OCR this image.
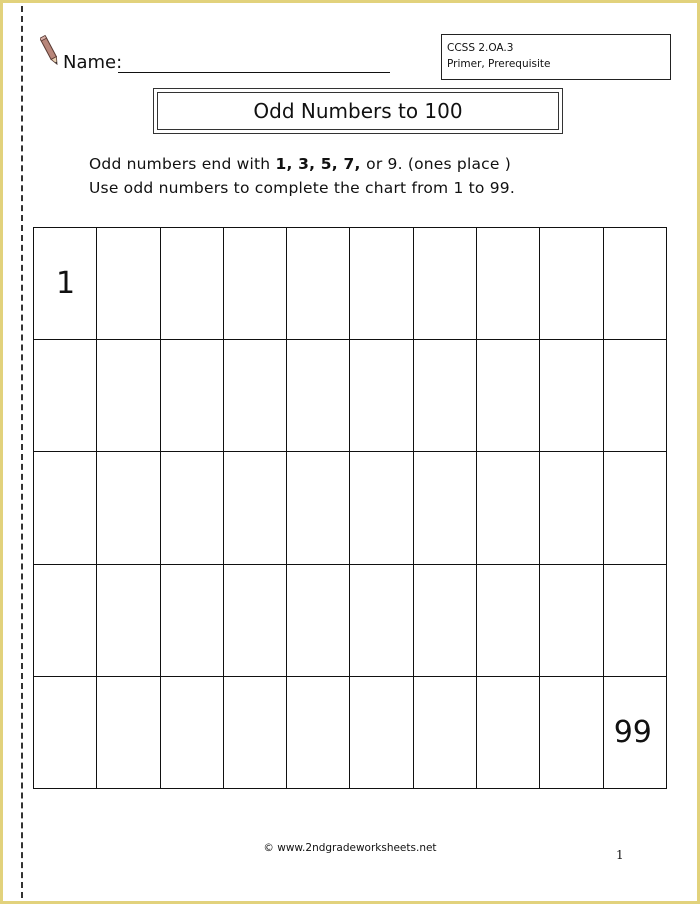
Name:
CCSS 2.OA.3
Primer, Prerequisite
Odd Numbers to 100
Odd numbers end with 1, 3, 5, 7, or 9. (ones place )
Use odd numbers to complete the chart from 1 to 99.
1
99
© www.2ndgradeworksheets.net	1
